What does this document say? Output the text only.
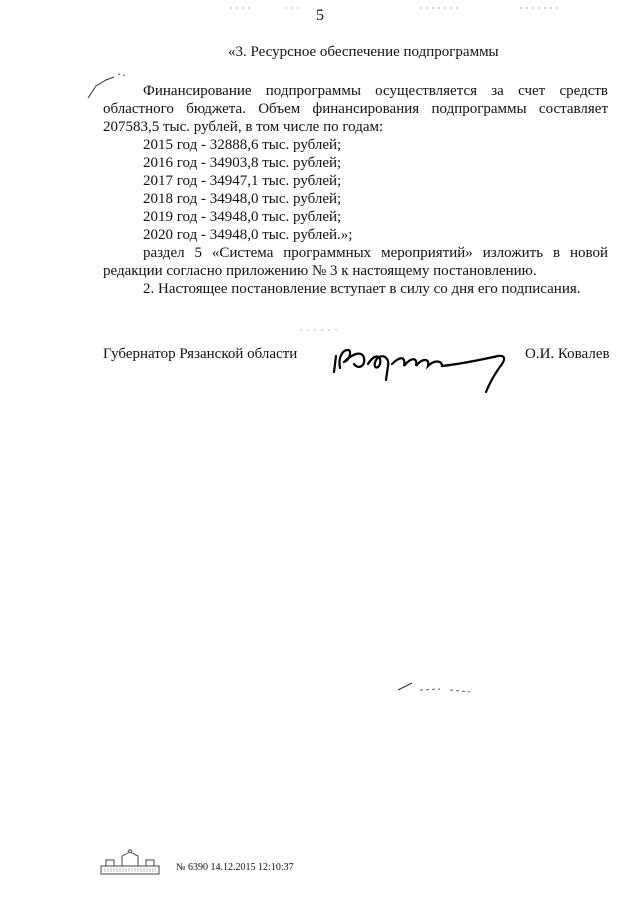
5
«3. Ресурсное обеспечение подпрограммы
Финансирование подпрограммы осуществляется за счет средств
областного бюджета. Объем финансирования подпрограммы составляет
207583,5 тыс. рублей, в том числе по годам:
2015 год - 32888,6 тыс. рублей;
2016 год - 34903,8 тыс. рублей;
2017 год - 34947,1 тыс. рублей;
2018 год - 34948,0 тыс. рублей;
2019 год - 34948,0 тыс. рублей;
2020 год - 34948,0 тыс. рублей.»;
раздел 5 «Система программных мероприятий» изложить в новой
редакции согласно приложению № 3 к настоящему постановлению.
2. Настоящее постановление вступает в силу со дня его подписания.
Губернатор Рязанской области	О.И. Ковалев
№ 6390 14.12.2015 12:10:37
